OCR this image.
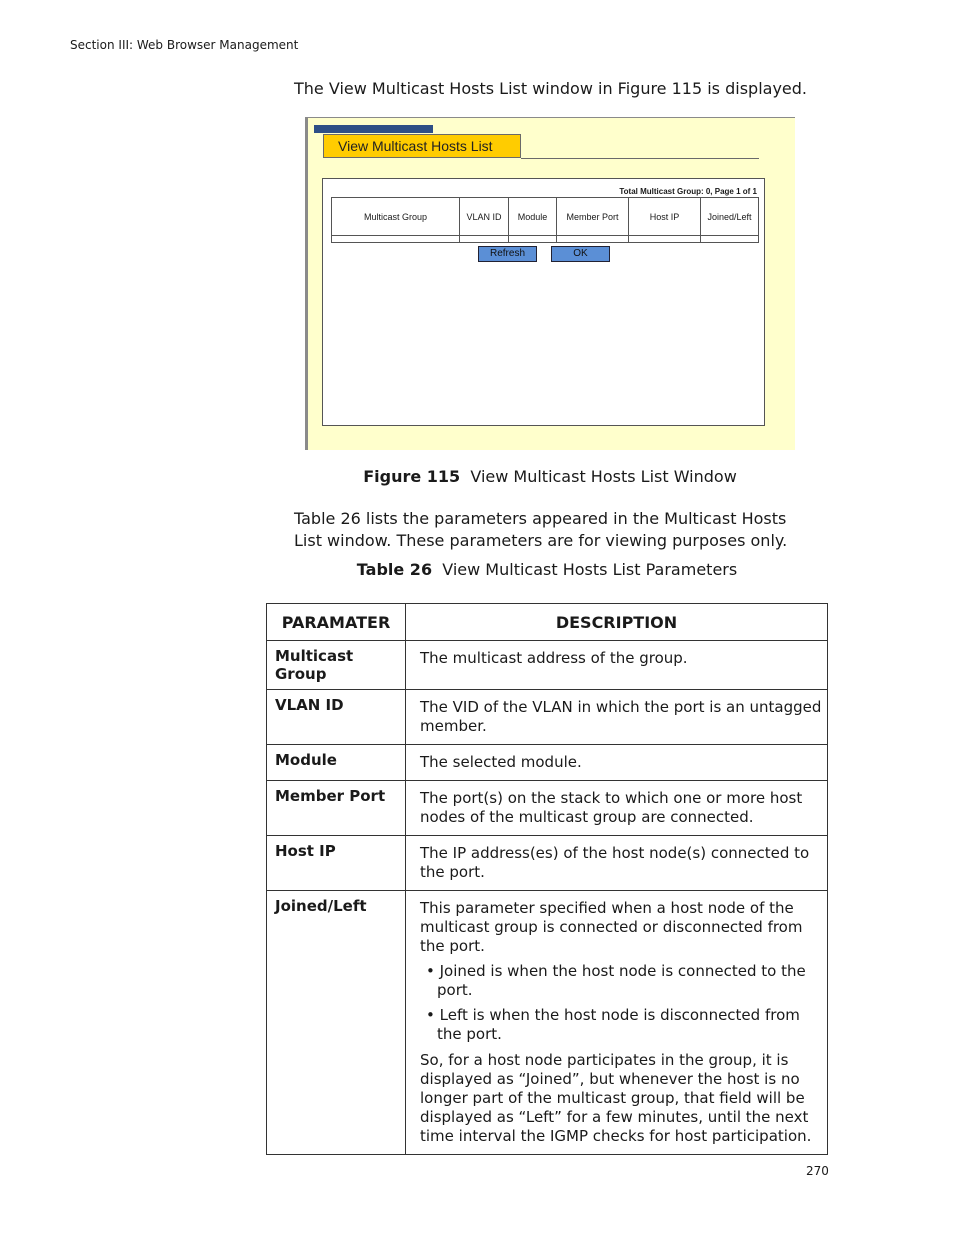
Section III: Web Browser Management
The View Multicast Hosts List window in Figure 115 is displayed.
View Multicast Hosts List
Total Multicast Group: 0, Page 1 of 1
Multicast Group	VLAN ID	Module	Member Port	Host IP	Joined/Left

Refresh	OK
Figure 115 View Multicast Hosts List Window
Table 26 lists the parameters appeared in the Multicast Hosts List window. These parameters are for viewing purposes only.
Table 26 View Multicast Hosts List Parameters
PARAMATER	DESCRIPTION
Multicast Group	The multicast address of the group.
VLAN ID	The VID of the VLAN in which the port is an untagged member.
Module	The selected module.
Member Port	The port(s) on the stack to which one or more host nodes of the multicast group are connected.
Host IP	The IP address(es) of the host node(s) connected to the port.
Joined/Left	This parameter specified when a host node of the multicast group is connected or disconnected from the port.

• Joined is when the host node is connected to the port.

• Left is when the host node is disconnected from the port.

So, for a host node participates in the group, it is displayed as “Joined”, but whenever the host is no longer part of the multicast group, that field will be displayed as “Left” for a few minutes, until the next time interval the IGMP checks for host participation.

270
